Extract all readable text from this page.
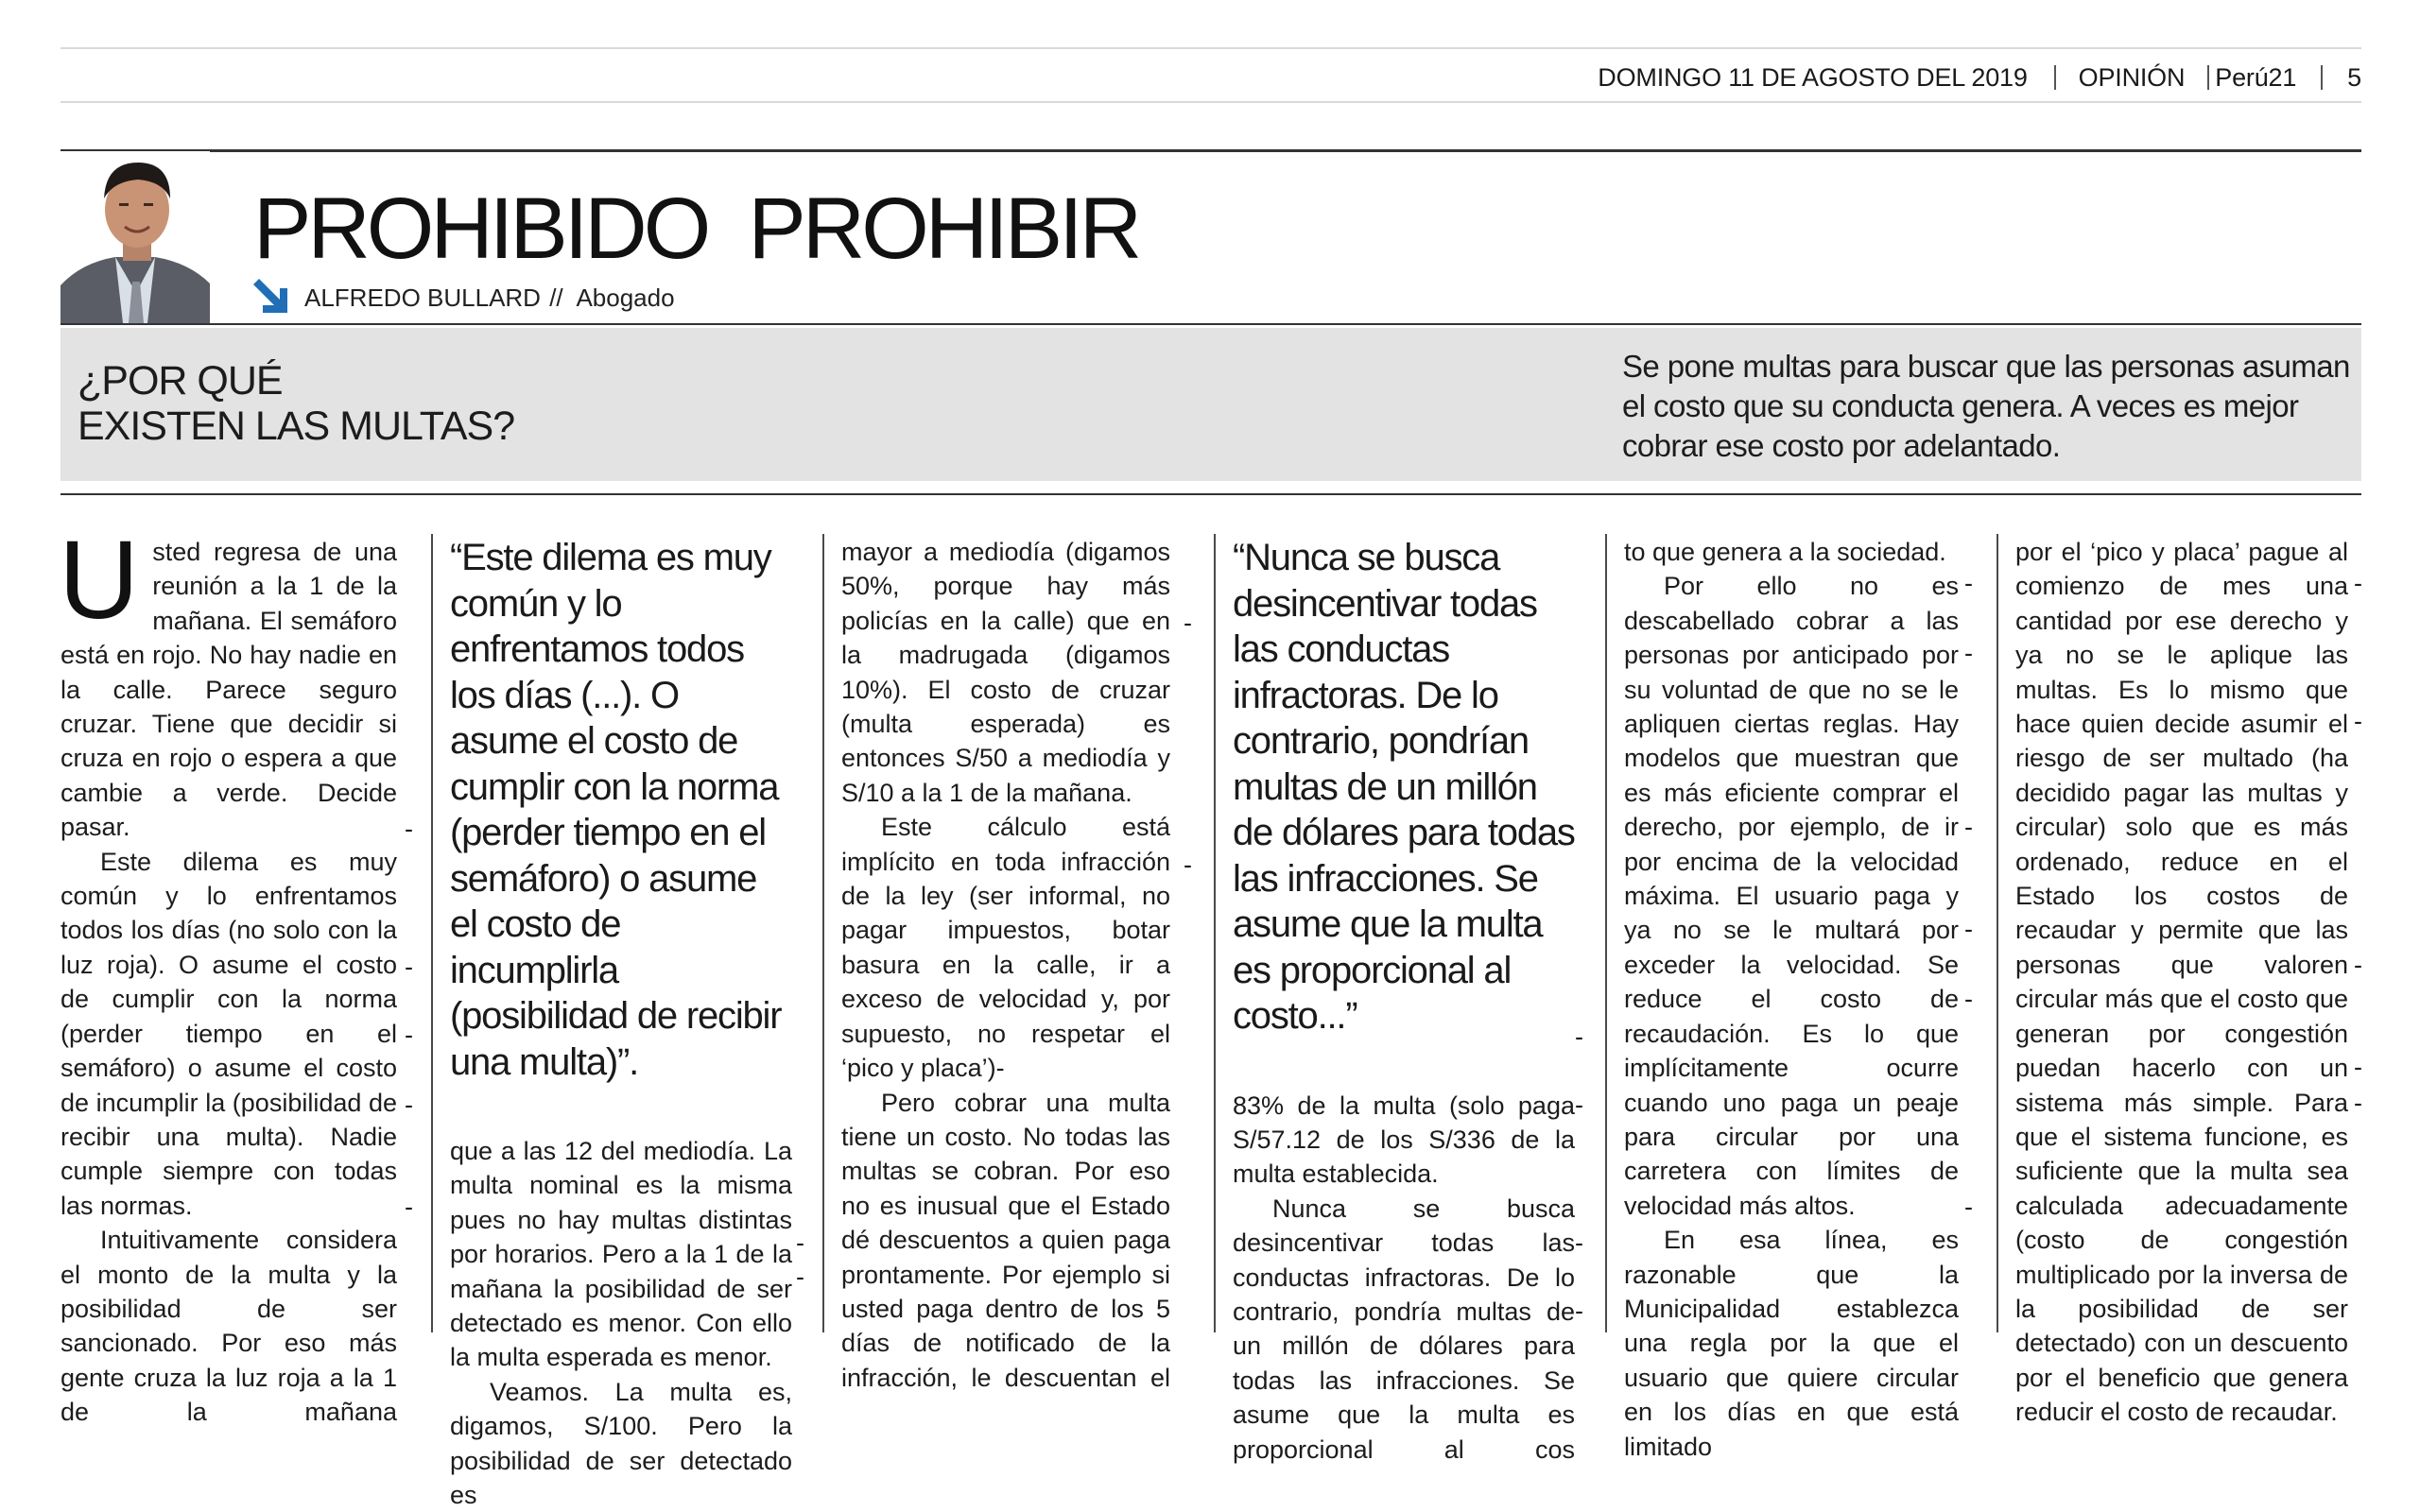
DOMINGO 11 DE AGOSTO DEL 2019 OPINIÓN Perú21 5
PROHIBIDO  PROHIBIR
ALFREDO BULLARD // Abogado
¿POR QUÉ
EXISTEN LAS MULTAS?
Se pone multas para buscar que las personas asuman el costo que su conducta genera. A veces es mejor cobrar ese costo por adelantado.

Usted regresa de una reunión a la 1 de la mañana. El semáforo está en rojo. No hay nadie en la calle. Parece seguro cruzar. Tiene que decidir si cruza en rojo o espera a que cambie a verde. Decide pasar.

Este dilema es muy común y lo enfrentamos todos los días (no solo con la luz roja). O asume el costo de cumplir con la norma (perder tiempo en el semáforo) o asume el costo de incumplir la (posibilidad de recibir una multa). Nadie cumple siempre con todas las normas.

Intuitivamente considera el monto de la multa y la posibilidad de ser sancionado. Por eso más gente cruza la luz roja a la 1 de la mañana

“Este dilema es muy común y lo enfrentamos todos los días (...). O asume el costo de cumplir con la norma (perder tiempo en el semáforo) o asume el costo de incumplirla (posibilidad de recibir una multa)”.

que a las 12 del mediodía. La multa nominal es la misma pues no hay multas distintas por horarios. Pero a la 1 de la mañana la posibilidad de ser detectado es menor. Con ello la multa esperada es menor.

Veamos. La multa es, digamos, S/100. Pero la posibilidad de ser detectado es

mayor a mediodía (digamos 50%, porque hay más policías en la calle) que en la madrugada (digamos 10%). El costo de cruzar (multa esperada) es entonces S/50 a mediodía y S/10 a la 1 de la mañana.

Este cálculo está implícito en toda infracción de la ley (ser informal, no pagar impuestos, botar basura en la calle, ir a exceso de velocidad y, por supuesto, no respetar el ‘pico y placa’)-

Pero cobrar una multa tiene un costo. No todas las multas se cobran. Por eso no es inusual que el Estado dé descuentos a quien paga prontamente. Por ejemplo si usted paga dentro de los 5 días de notificado de la infracción, le descuentan el

“Nunca se busca desincentivar todas las conductas infractoras. De lo contrario, pondrían multas de un millón de dólares para todas las infracciones. Se asume que la multa es proporcional al costo...”

83% de la multa (solo paga S/57.12 de los S/336 de la multa establecida.

Nunca se busca desincentivar todas las conductas infractoras. De lo contrario, pondría multas de un millón de dólares para todas las infracciones. Se asume que la multa es proporcional al cos

to que genera a la sociedad.

Por ello no es descabellado cobrar a las personas por anticipado por su voluntad de que no se le apliquen ciertas reglas. Hay modelos que muestran que es más eficiente comprar el derecho, por ejemplo, de ir por encima de la velocidad máxima. El usuario paga y ya no se le multará por exceder la velocidad. Se reduce el costo de recaudación. Es lo que implícitamente ocurre cuando uno paga un peaje para circular por una carretera con límites de velocidad más altos.

En esa línea, es razonable que la Municipalidad establezca una regla por la que el usuario que quiere circular en los días en que está limitado

por el ‘pico y placa’ pague al comienzo de mes una cantidad por ese derecho y ya no se le aplique las multas. Es lo mismo que hace quien decide asumir el riesgo de ser multado (ha decidido pagar las multas y circular) solo que es más ordenado, reduce en el Estado los costos de recaudar y permite que las personas que valoren circular más que el costo que generan por congestión puedan hacerlo con un sistema más simple. Para que el sistema funcione, es suficiente que la multa sea calculada adecuadamente (costo de congestión multiplicado por la inversa de la posibilidad de ser detectado) con un descuento por el beneficio que genera reducir el costo de recaudar.

-
-
-
-
-
-
-
-
-
-
-
-
-
-
-
-
-
-
-
-
-
-
-
-
